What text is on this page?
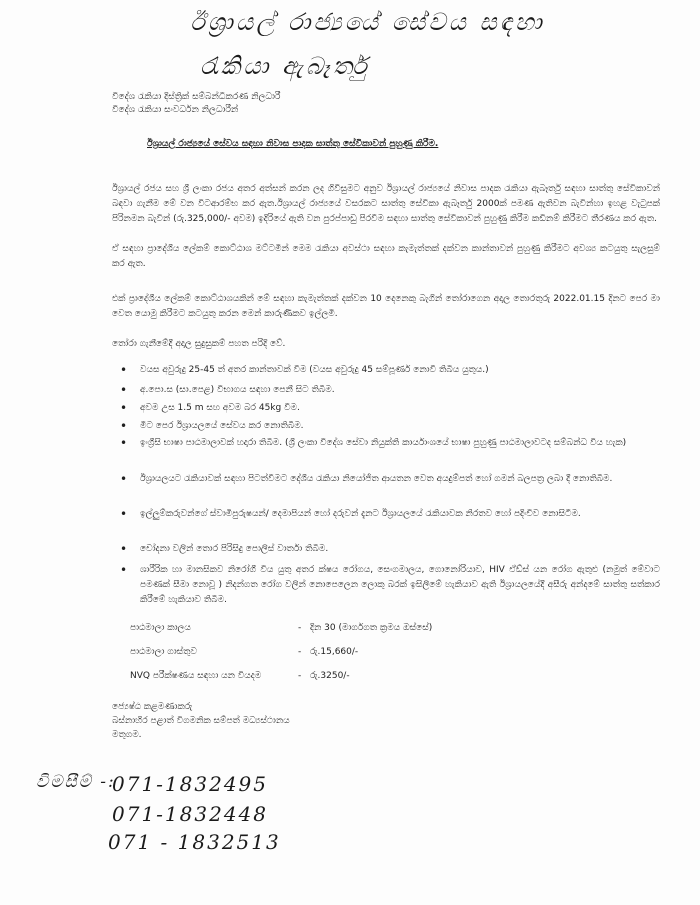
ඊශ්‍රායල් රාජ්‍යයේ සේවය සඳහා
රැකියා ඇබෑර්තු
විදේශ රැකියා දිස්ත්‍රික් සම්බන්ධීකරණ නිලධාරී
විදේශ රැකියා සංවර්ධන නිලධාරීන්
ඊශ්‍රායල් රාජ්‍යයේ සේවය සඳහා නිවාස පාදක සාත්තු සේවිකාවන් පුහුණු කිරීම.
ඊශ්‍රායල් රජය සහ ශ්‍රී ලංකා රජය අතර අත්සන් කරන ලද ගිවිසුමට අනුව ඊශ්‍රායල් රාජ්‍යයේ නිවාස පාදක රැකියා ඇබෑර්තු සඳහා සාත්තු සේවිකාවන් බඳවා ගැනීම මේ වන විටආරම්භ කර ඇත.ඊශ්‍රායල් රාජ්‍යයේ වසරකට සාත්තු සේවිකා ඇබෑර්තු 2000ක් පමණ ඇතිවන බැවින්හා ඉහළ වැටුපක් පිරිනමන බැවින් (රු.325,000/- අවම) ඉදිරියේ ඇති වන පුරප්පාඩු පිරවීම සඳහා සාත්තු සේවිකාවන් පුහුණු කිරීම කඩිනම් කිරීමට තීරණය කර ඇත.
ඒ සඳහා ප්‍රාදේශීය ලේකම් කොට්ඨාශ මට්ටමින් මෙම රැකියා අවස්ථා සඳහා කැමැත්තක් දක්වන කාන්තාවන් පුහුණු කිරීමට අවශ්‍ය කටයුතු සැලසුම් කර ඇත.
එක් ප්‍රාදේශීය ලේකම් කොට්ඨාශයකින් මේ සඳහා කැමැත්තක් දක්වන 10 දෙනෙකු බැගින් තෝරාගෙන අදාල තොරතුරු 2022.01.15 දිනට පෙර මා වෙත යොමු කිරීමට කටයුතු කරන මෙන් කාරුණිකව ඉල්ලමි.
තෝරා ගැනීමේදී අදාල සුදුසුකම් පහත පරිදි වේ.
•	වයස අවුරුදු 25-45 ත් අතර කාන්තාවක් වීම (වයස අවුරුදු 45 සම්පූර්ණ නොවී තිබිය යුතුය.)
•	අ.පො.ස (සා.පෙළ) විභාගය සඳහා පෙනී සිට තිබීම.
•	අවම උස 1.5 m සහ අවම බර 45kg වීම.
•	මීට පෙර ඊශ්‍රායලයේ සේවය කර නොතිබීම.
•	ඉංග්‍රීසි භාෂා පාඨමාලාවක් හදාරා තිබීම. (ශ්‍රී ලංකා විදේශ සේවා නියුක්ති කාර්යාංශයේ භාෂා පුහුණු පාඨමාලාවටද සම්බන්ධ විය හැක)
•	ඊශ්‍රායලයට රැකියාවක් සඳහා පිටත්වීමට දේශීය රැකියා නියෝජිත ආයතන වෙත අයදුම්පත් හෝ ගමන් බලපත්‍ර ලබා දී නොතිබීම.
•	ඉල්ලුම්කරුවන්ගේ ස්වාමිපුරුෂයන්/ දෙමාපියන් හෝ දරුවන් දැනට ඊශ්‍රායලයේ රැකියාවක නිරතව හෝ පදිංචිව නොසිටීම.
•	චෝදනා වලින් තොර පිරිසිදු පොලිස් වාර්තා තිබීම.
•	ශාරීරික හා මානසිකව නිරෝගී විය යුතු අතර ක්ෂය රෝගය, සෙංගමාලය, ගොනෝරියාව, HIV ඒඩ්ස් යන රෝග ඇතුළු (නමුත් මේවාට පමණක් සීමා නොවූ ) නිදන්ගත රෝග වලින් නොපෙලෙන ලොකු බරක් ඉසිලීමේ හැකියාව ඇති ඊශ්‍රායලයේදී අසීරු අන්දමේ සාත්තු සත්කාර කිරීමේ හැකියාව තිබීම.
පාඨමාලා කාලය	- දින 30 (මාර්ගගත ක්‍රමය ඔස්සේ)
පාඨමාලා ගාස්තුව	- රු.15,660/-
NVQ පරීක්ෂණය සඳහා යන වියදම	- රු.3250/-
ජ්‍යෙෂ්ඨ කළමණාකරු
බස්නාහිර පළාත් විගමනික සම්පත් මධ්‍යස්ථානය
මතුගම.
විමසීම් -:
071-1832495
071-1832448
071 - 1832513
